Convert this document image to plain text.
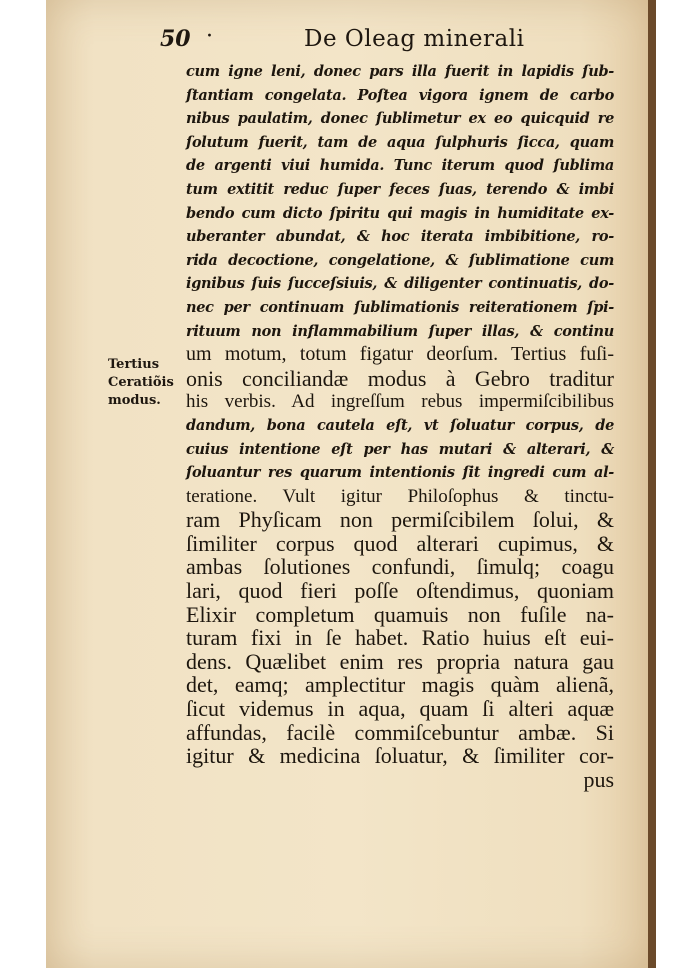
50 ·	De Oleag minerali
Tertius
Ceratiõis
modus.
cum igne leni, donec pars illa fuerit in lapidis ſub-
ſtantiam congelata. Poſtea vigora ignem de carbo
nibus paulatim, donec ſublimetur ex eo quicquid re
ſolutum fuerit, tam de aqua ſulphuris ſicca, quam
de argenti viui humida. Tunc iterum quod ſublima
tum extitit reduc ſuper feces ſuas, terendo & imbi
bendo cum dicto ſpiritu qui magis in humiditate ex-
uberanter abundat, & hoc iterata imbibitione, ro-
rida decoctione, congelatione, & ſublimatione cum
ignibus ſuis ſucceſsiuis, & diligenter continuatis, do-
nec per continuam ſublimationis reiterationem ſpi-
rituum non inflammabilium ſuper illas, & continu
um motum, totum figatur deorſum. Tertius fuſi-
onis conciliandæ modus à Gebro traditur
his verbis. Ad ingreſſum rebus impermiſcibilibus
dandum, bona cautela eſt, vt ſoluatur corpus, de
cuius intentione eſt per has mutari & alterari, &
ſoluantur res quarum intentionis ſit ingredi cum al-
teratione. Vult igitur Philoſophus & tinctu-
ram Phyſicam non permiſcibilem ſolui, &
ſimiliter corpus quod alterari cupimus, &
ambas ſolutiones confundi, ſimulq; coagu
lari, quod fieri poſſe oſtendimus, quoniam
Elixir completum quamuis non fuſile na-
turam fixi in ſe habet. Ratio huius eſt eui-
dens. Quælibet enim res propria natura gau
det, eamq; amplectitur magis quàm alienã,
ſicut videmus in aqua, quam ſi alteri aquæ
affundas, facilè commiſcebuntur ambæ. Si
igitur & medicina ſoluatur, & ſimiliter cor-
pus
